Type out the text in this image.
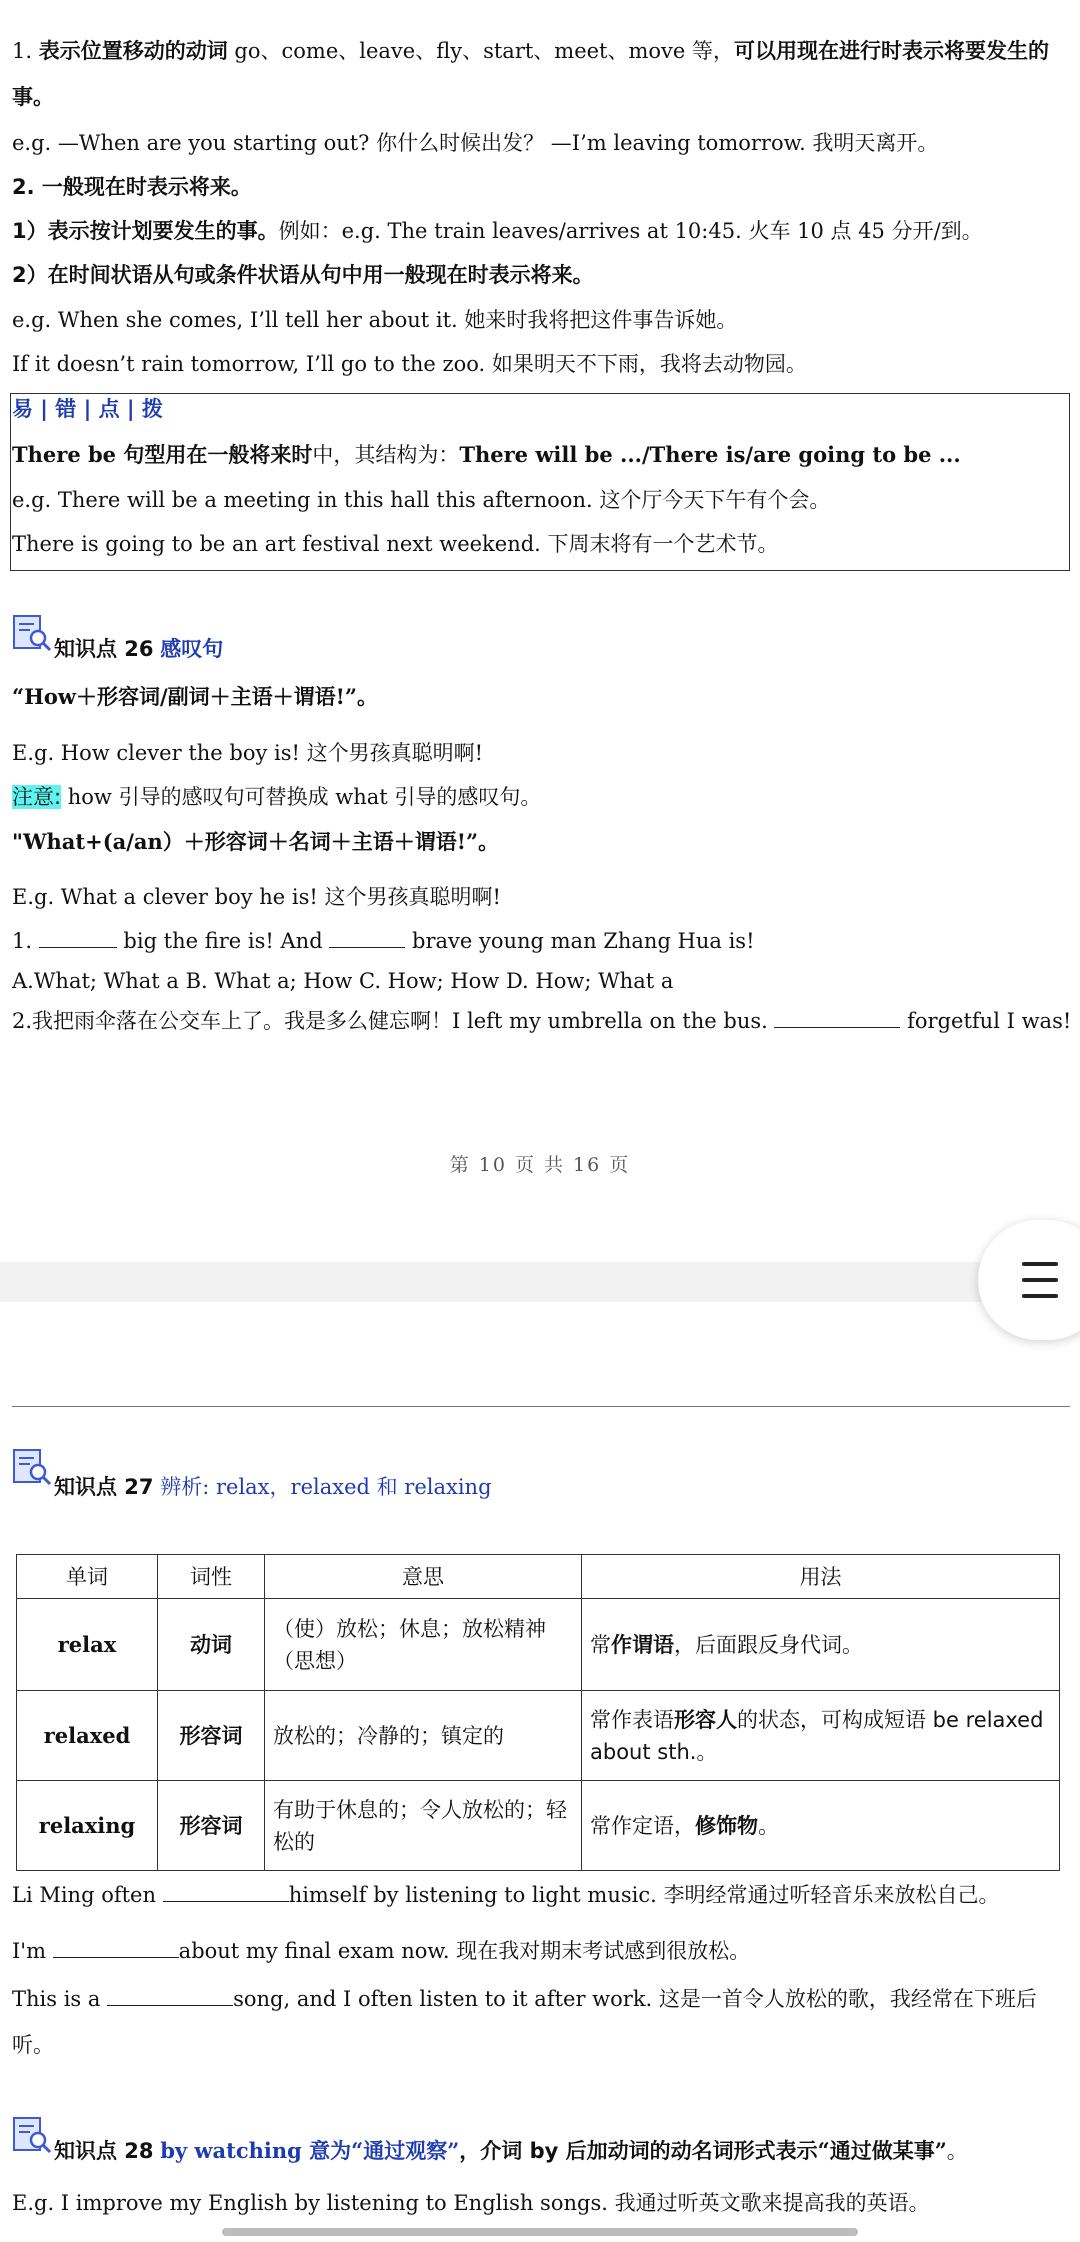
1. 表示位置移动的动词 go、come、leave、fly、start、meet、move 等，可以用现在进行时表示将要发生的
事。
e.g. —When are you starting out? 你什么时候出发？ —I’m leaving tomorrow. 我明天离开。
2. 一般现在时表示将来。
1）表示按计划要发生的事。例如：e.g. The train leaves/arrives at 10:45. 火车 10 点 45 分开/到。
2）在时间状语从句或条件状语从句中用一般现在时表示将来。
e.g. When she comes, I’ll tell her about it. 她来时我将把这件事告诉她。
If it doesn’t rain tomorrow, I’ll go to the zoo. 如果明天不下雨，我将去动物园。
易 | 错 | 点 | 拨
There be 句型用在一般将来时中，其结构为：There will be .../There is/are going to be ...
e.g. There will be a meeting in this hall this afternoon. 这个厅今天下午有个会。
There is going to be an art festival next weekend. 下周末将有一个艺术节。
知识点 26 感叹句
“How＋形容词/副词＋主语＋谓语!”。
E.g. How clever the boy is! 这个男孩真聪明啊!
注意: how 引导的感叹句可替换成 what 引导的感叹句。
"What+(a/an）＋形容词＋名词＋主语＋谓语!”。
E.g. What a clever boy he is! 这个男孩真聪明啊!
1.	big the fire is! And	brave young man Zhang Hua is!
A.What; What a B. What a; How C. How; How D. How; What a
2.我把雨伞落在公交车上了。我是多么健忘啊！I left my umbrella on the bus.	forgetful I was!
第 10 页 共 16 页
知识点 27 辨析: relax，relaxed 和 relaxing
单词	词性	意思	用法
relax	动词	（使）放松；休息；放松精神（思想）	常作谓语，后面跟反身代词。
relaxed	形容词	放松的；冷静的；镇定的	常作表语形容人的状态，可构成短语 be relaxed about sth.。
relaxing	形容词	有助于休息的；令人放松的；轻松的	常作定语，修饰物。
Li Ming often	himself by listening to light music. 李明经常通过听轻音乐来放松自己。
I'm	about my final exam now. 现在我对期末考试感到很放松。
This is a	song, and I often listen to it after work. 这是一首令人放松的歌，我经常在下班后
听。
知识点 28 by watching 意为“通过观察”，介词 by 后加动词的动名词形式表示“通过做某事”。
E.g. I improve my English by listening to English songs. 我通过听英文歌来提高我的英语。
